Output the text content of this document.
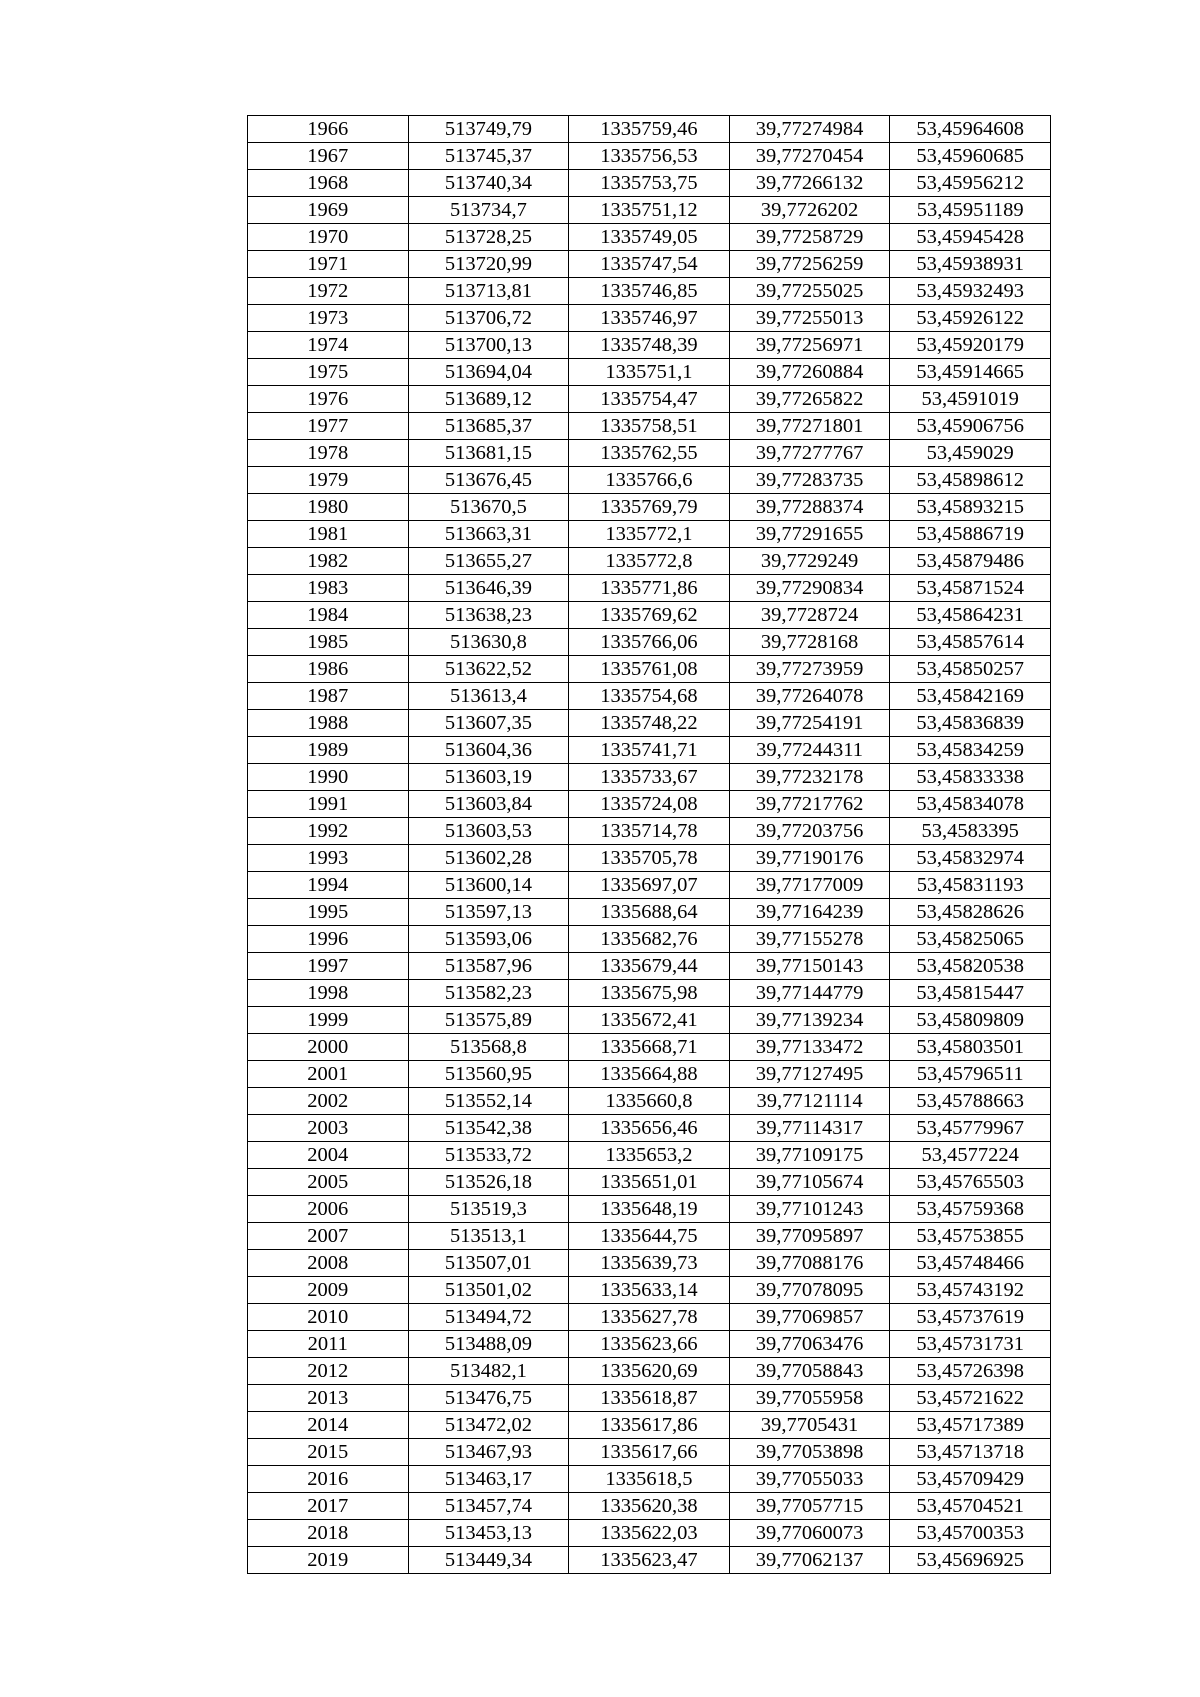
1966	513749,79	1335759,46	39,77274984	53,45964608
1967	513745,37	1335756,53	39,77270454	53,45960685
1968	513740,34	1335753,75	39,77266132	53,45956212
1969	513734,7	1335751,12	39,7726202	53,45951189
1970	513728,25	1335749,05	39,77258729	53,45945428
1971	513720,99	1335747,54	39,77256259	53,45938931
1972	513713,81	1335746,85	39,77255025	53,45932493
1973	513706,72	1335746,97	39,77255013	53,45926122
1974	513700,13	1335748,39	39,77256971	53,45920179
1975	513694,04	1335751,1	39,77260884	53,45914665
1976	513689,12	1335754,47	39,77265822	53,4591019
1977	513685,37	1335758,51	39,77271801	53,45906756
1978	513681,15	1335762,55	39,77277767	53,459029
1979	513676,45	1335766,6	39,77283735	53,45898612
1980	513670,5	1335769,79	39,77288374	53,45893215
1981	513663,31	1335772,1	39,77291655	53,45886719
1982	513655,27	1335772,8	39,7729249	53,45879486
1983	513646,39	1335771,86	39,77290834	53,45871524
1984	513638,23	1335769,62	39,7728724	53,45864231
1985	513630,8	1335766,06	39,7728168	53,45857614
1986	513622,52	1335761,08	39,77273959	53,45850257
1987	513613,4	1335754,68	39,77264078	53,45842169
1988	513607,35	1335748,22	39,77254191	53,45836839
1989	513604,36	1335741,71	39,77244311	53,45834259
1990	513603,19	1335733,67	39,77232178	53,45833338
1991	513603,84	1335724,08	39,77217762	53,45834078
1992	513603,53	1335714,78	39,77203756	53,4583395
1993	513602,28	1335705,78	39,77190176	53,45832974
1994	513600,14	1335697,07	39,77177009	53,45831193
1995	513597,13	1335688,64	39,77164239	53,45828626
1996	513593,06	1335682,76	39,77155278	53,45825065
1997	513587,96	1335679,44	39,77150143	53,45820538
1998	513582,23	1335675,98	39,77144779	53,45815447
1999	513575,89	1335672,41	39,77139234	53,45809809
2000	513568,8	1335668,71	39,77133472	53,45803501
2001	513560,95	1335664,88	39,77127495	53,45796511
2002	513552,14	1335660,8	39,77121114	53,45788663
2003	513542,38	1335656,46	39,77114317	53,45779967
2004	513533,72	1335653,2	39,77109175	53,4577224
2005	513526,18	1335651,01	39,77105674	53,45765503
2006	513519,3	1335648,19	39,77101243	53,45759368
2007	513513,1	1335644,75	39,77095897	53,45753855
2008	513507,01	1335639,73	39,77088176	53,45748466
2009	513501,02	1335633,14	39,77078095	53,45743192
2010	513494,72	1335627,78	39,77069857	53,45737619
2011	513488,09	1335623,66	39,77063476	53,45731731
2012	513482,1	1335620,69	39,77058843	53,45726398
2013	513476,75	1335618,87	39,77055958	53,45721622
2014	513472,02	1335617,86	39,7705431	53,45717389
2015	513467,93	1335617,66	39,77053898	53,45713718
2016	513463,17	1335618,5	39,77055033	53,45709429
2017	513457,74	1335620,38	39,77057715	53,45704521
2018	513453,13	1335622,03	39,77060073	53,45700353
2019	513449,34	1335623,47	39,77062137	53,45696925
